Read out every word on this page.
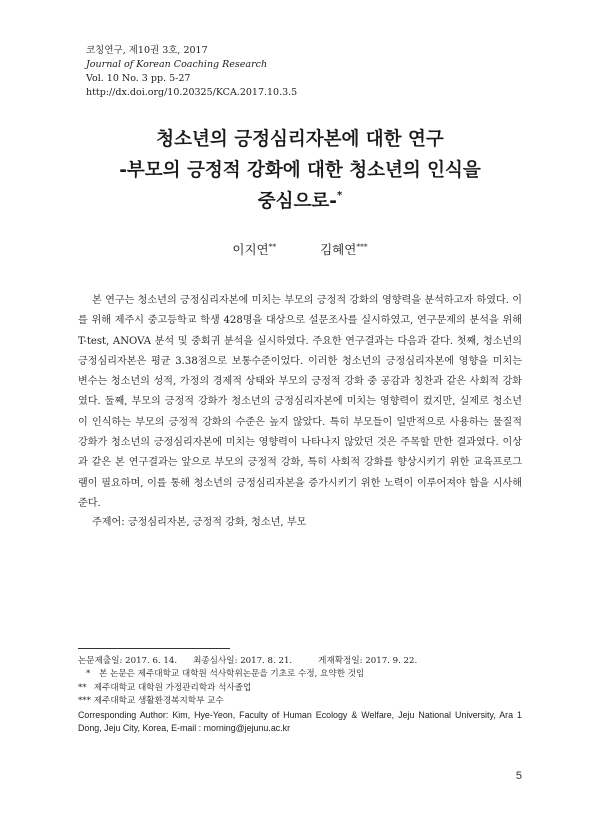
코칭연구, 제10권 3호, 2017
Journal of Korean Coaching Research
Vol. 10 No. 3 pp. 5-27
http://dx.doi.org/10.20325/KCA.2017.10.3.5
청소년의 긍정심리자본에 대한 연구
-부모의 긍정적 강화에 대한 청소년의 인식을
중심으로-*
이지연**	김혜연***

본 연구는 청소년의 긍정심리자본에 미치는 부모의 긍정적 강화의 영향력을 분석하고자 하였다. 이를 위해 제주시 중고등학교 학생 428명을 대상으로 설문조사를 실시하였고, 연구문제의 분석을 위해 T-test, ANOVA 분석 및 중회귀 분석을 실시하였다. 주요한 연구결과는 다음과 같다. 첫째, 청소년의 긍정심리자본은 평균 3.38점으로 보통수준이었다. 이러한 청소년의 긍정심리자본에 영향을 미치는 변수는 청소년의 성적, 가정의 경제적 상태와 부모의 긍정적 강화 중 공감과 칭찬과 같은 사회적 강화였다. 둘째, 부모의 긍정적 강화가 청소년의 긍정심리자본에 미치는 영향력이 컸지만, 실제로 청소년이 인식하는 부모의 긍정적 강화의 수준은 높지 않았다. 특히 부모들이 일반적으로 사용하는 물질적 강화가 청소년의 긍정심리자본에 미치는 영향력이 나타나지 않았던 것은 주목할 만한 결과였다. 이상과 같은 본 연구결과는 앞으로 부모의 긍정적 강화, 특히 사회적 강화를 향상시키기 위한 교육프로그램이 필요하며, 이를 통해 청소년의 긍정심리자본을 증가시키기 위한 노력이 이루어져야 함을 시사해준다.

주제어: 긍정심리자본, 긍정적 강화, 청소년, 부모
논문제출일: 2017. 6. 14. 최종심사일: 2017. 8. 21.	게재확정일: 2017. 9. 22.
* 본 논문은 제주대학교 대학원 석사학위논문을 기초로 수정, 요약한 것임
** 제주대학교 대학원 가정관리학과 석사졸업
*** 제주대학교 생활환경복지학부 교수
Corresponding Author: Kim, Hye-Yeon, Faculty of Human Ecology & Welfare, Jeju National University, Ara 1 Dong, Jeju City, Korea, E-mail : morning@jejunu.ac.kr
5
